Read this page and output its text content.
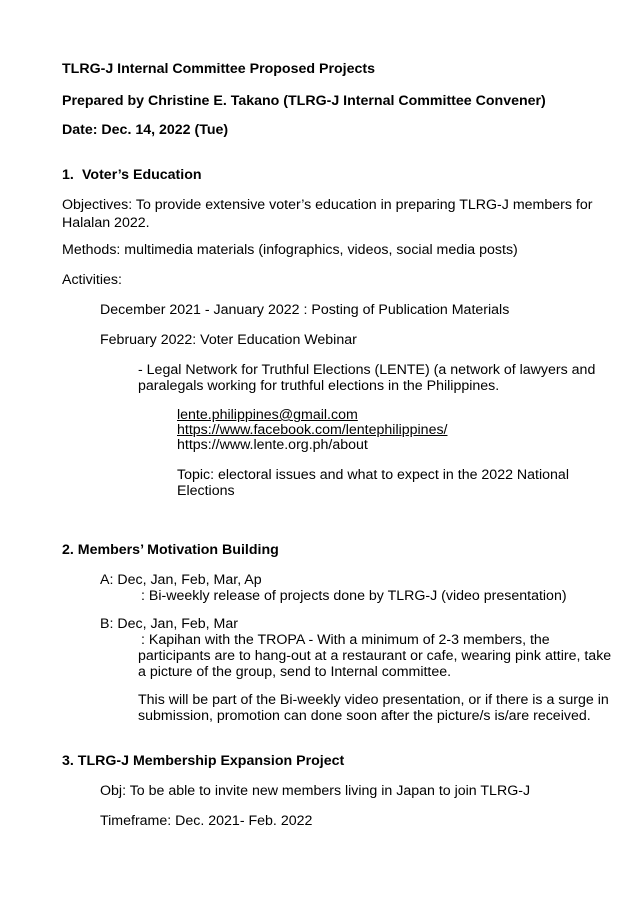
TLRG-J Internal Committee Proposed Projects
Prepared by Christine E. Takano (TLRG-J Internal Committee Convener)
Date: Dec. 14, 2022 (Tue)
1. Voter’s Education
Objectives: To provide extensive voter’s education in preparing TLRG-J members for
Halalan 2022.
Methods: multimedia materials (infographics, videos, social media posts)
Activities:
December 2021 - January 2022 : Posting of Publication Materials
February 2022: Voter Education Webinar
- Legal Network for Truthful Elections (LENTE) (a network of lawyers and
paralegals working for truthful elections in the Philippines.
lente.philippines@gmail.com
https://www.facebook.com/lentephilippines/
https://www.lente.org.ph/about
Topic: electoral issues and what to expect in the 2022 National
Elections
2. Members’ Motivation Building
A: Dec, Jan, Feb, Mar, Ap
: Bi-weekly release of projects done by TLRG-J (video presentation)
B: Dec, Jan, Feb, Mar
: Kapihan with the TROPA - With a minimum of 2-3 members, the
participants are to hang-out at a restaurant or cafe, wearing pink attire, take
a picture of the group, send to Internal committee.
This will be part of the Bi-weekly video presentation, or if there is a surge in
submission, promotion can done soon after the picture/s is/are received.
3. TLRG-J Membership Expansion Project
Obj: To be able to invite new members living in Japan to join TLRG-J
Timeframe: Dec. 2021- Feb. 2022
